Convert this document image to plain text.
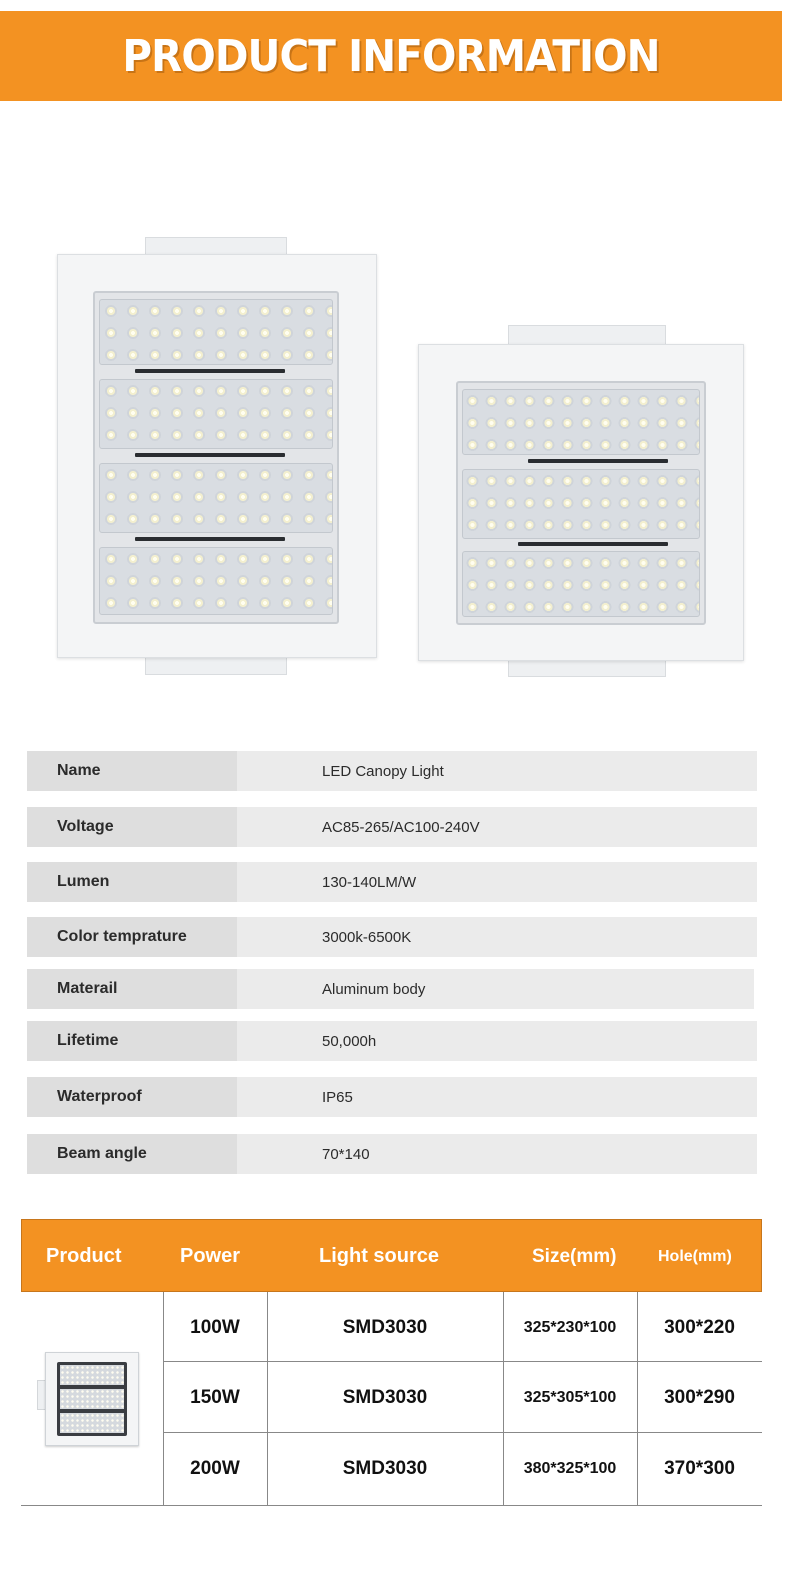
PRODUCT INFORMATION
Name	LED Canopy Light
Voltage	AC85-265/AC100-240V
Lumen	130-140LM/W
Color temprature	3000k-6500K
Materail	Aluminum body
Lifetime	50,000h
Waterproof	IP65
Beam angle	70*140
Product	Power	Light source	Size(mm)	Hole(mm)
100W	SMD3030	325*230*100	300*220
150W	SMD3030	325*305*100	300*290
200W	SMD3030	380*325*100	370*300
